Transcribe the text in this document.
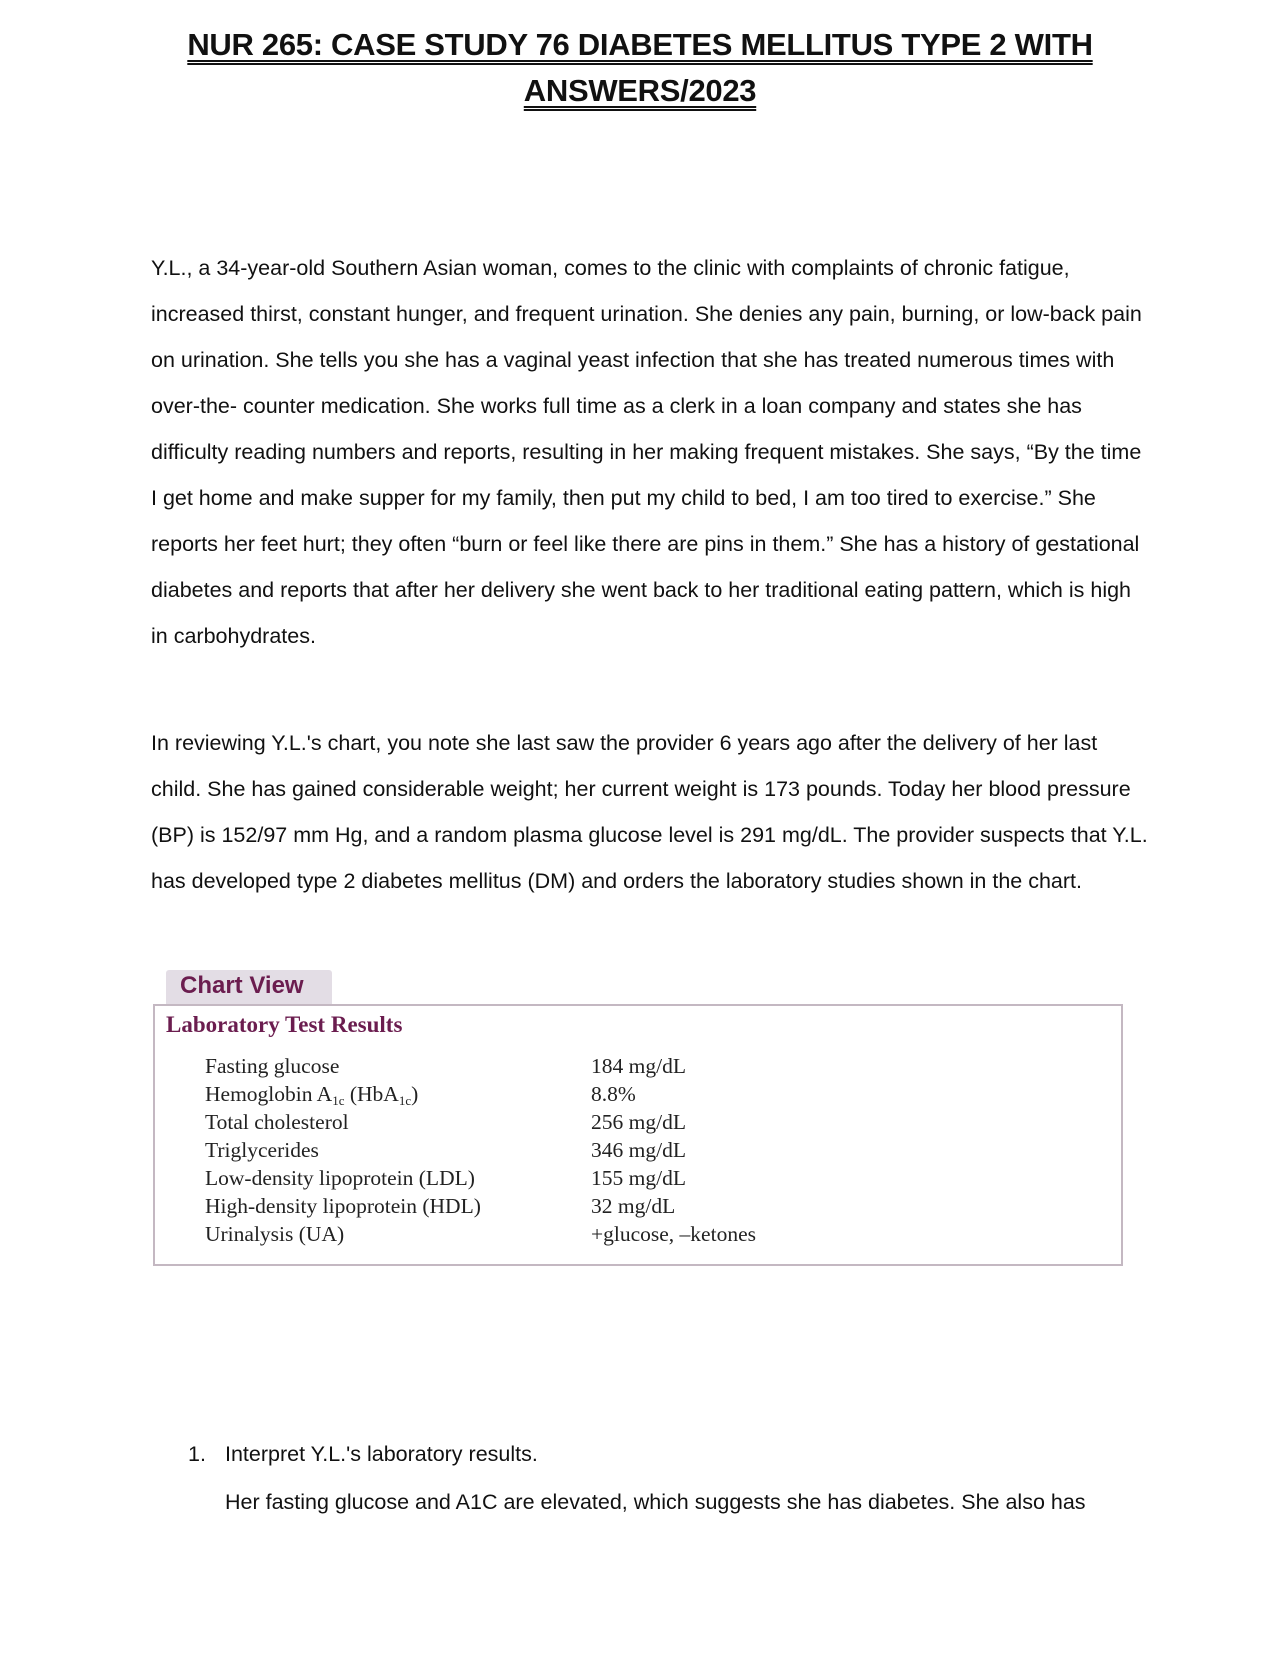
NUR 265: CASE STUDY 76 DIABETES MELLITUS TYPE 2 WITH
ANSWERS/2023

Y.L., a 34-year-old Southern Asian woman, comes to the clinic with complaints of chronic fatigue, increased thirst, constant hunger, and frequent urination. She denies any pain, burning, or low-back pain on urination. She tells you she has a vaginal yeast infection that she has treated numerous times with over-the- counter medication. She works full time as a clerk in a loan company and states she has difficulty reading numbers and reports, resulting in her making frequent mistakes. She says, “By the time I get home and make supper for my family, then put my child to bed, I am too tired to exercise.” She reports her feet hurt; they often “burn or feel like there are pins in them.” She has a history of gestational diabetes and reports that after her delivery she went back to her traditional eating pattern, which is high in carbohydrates.

In reviewing Y.L.'s chart, you note she last saw the provider 6 years ago after the delivery of her last child. She has gained considerable weight; her current weight is 173 pounds. Today her blood pressure (BP) is 152/97 mm Hg, and a random plasma glucose level is 291 mg/dL. The provider suspects that Y.L. has developed type 2 diabetes mellitus (DM) and orders the laboratory studies shown in the chart.

Chart View
Laboratory Test Results
Fasting glucose	184 mg/dL
Hemoglobin $A_{1c}$ (HbA$_{1c}$)	8.8%
Total cholesterol	256 mg/dL
Triglycerides	346 mg/dL
Low-density lipoprotein (LDL)	155 mg/dL
High-density lipoprotein (HDL)	32 mg/dL
Urinalysis (UA)	+glucose, –ketones
1. Interpret Y.L.'s laboratory results.
Her fasting glucose and A1C are elevated, which suggests she has diabetes. She also has
